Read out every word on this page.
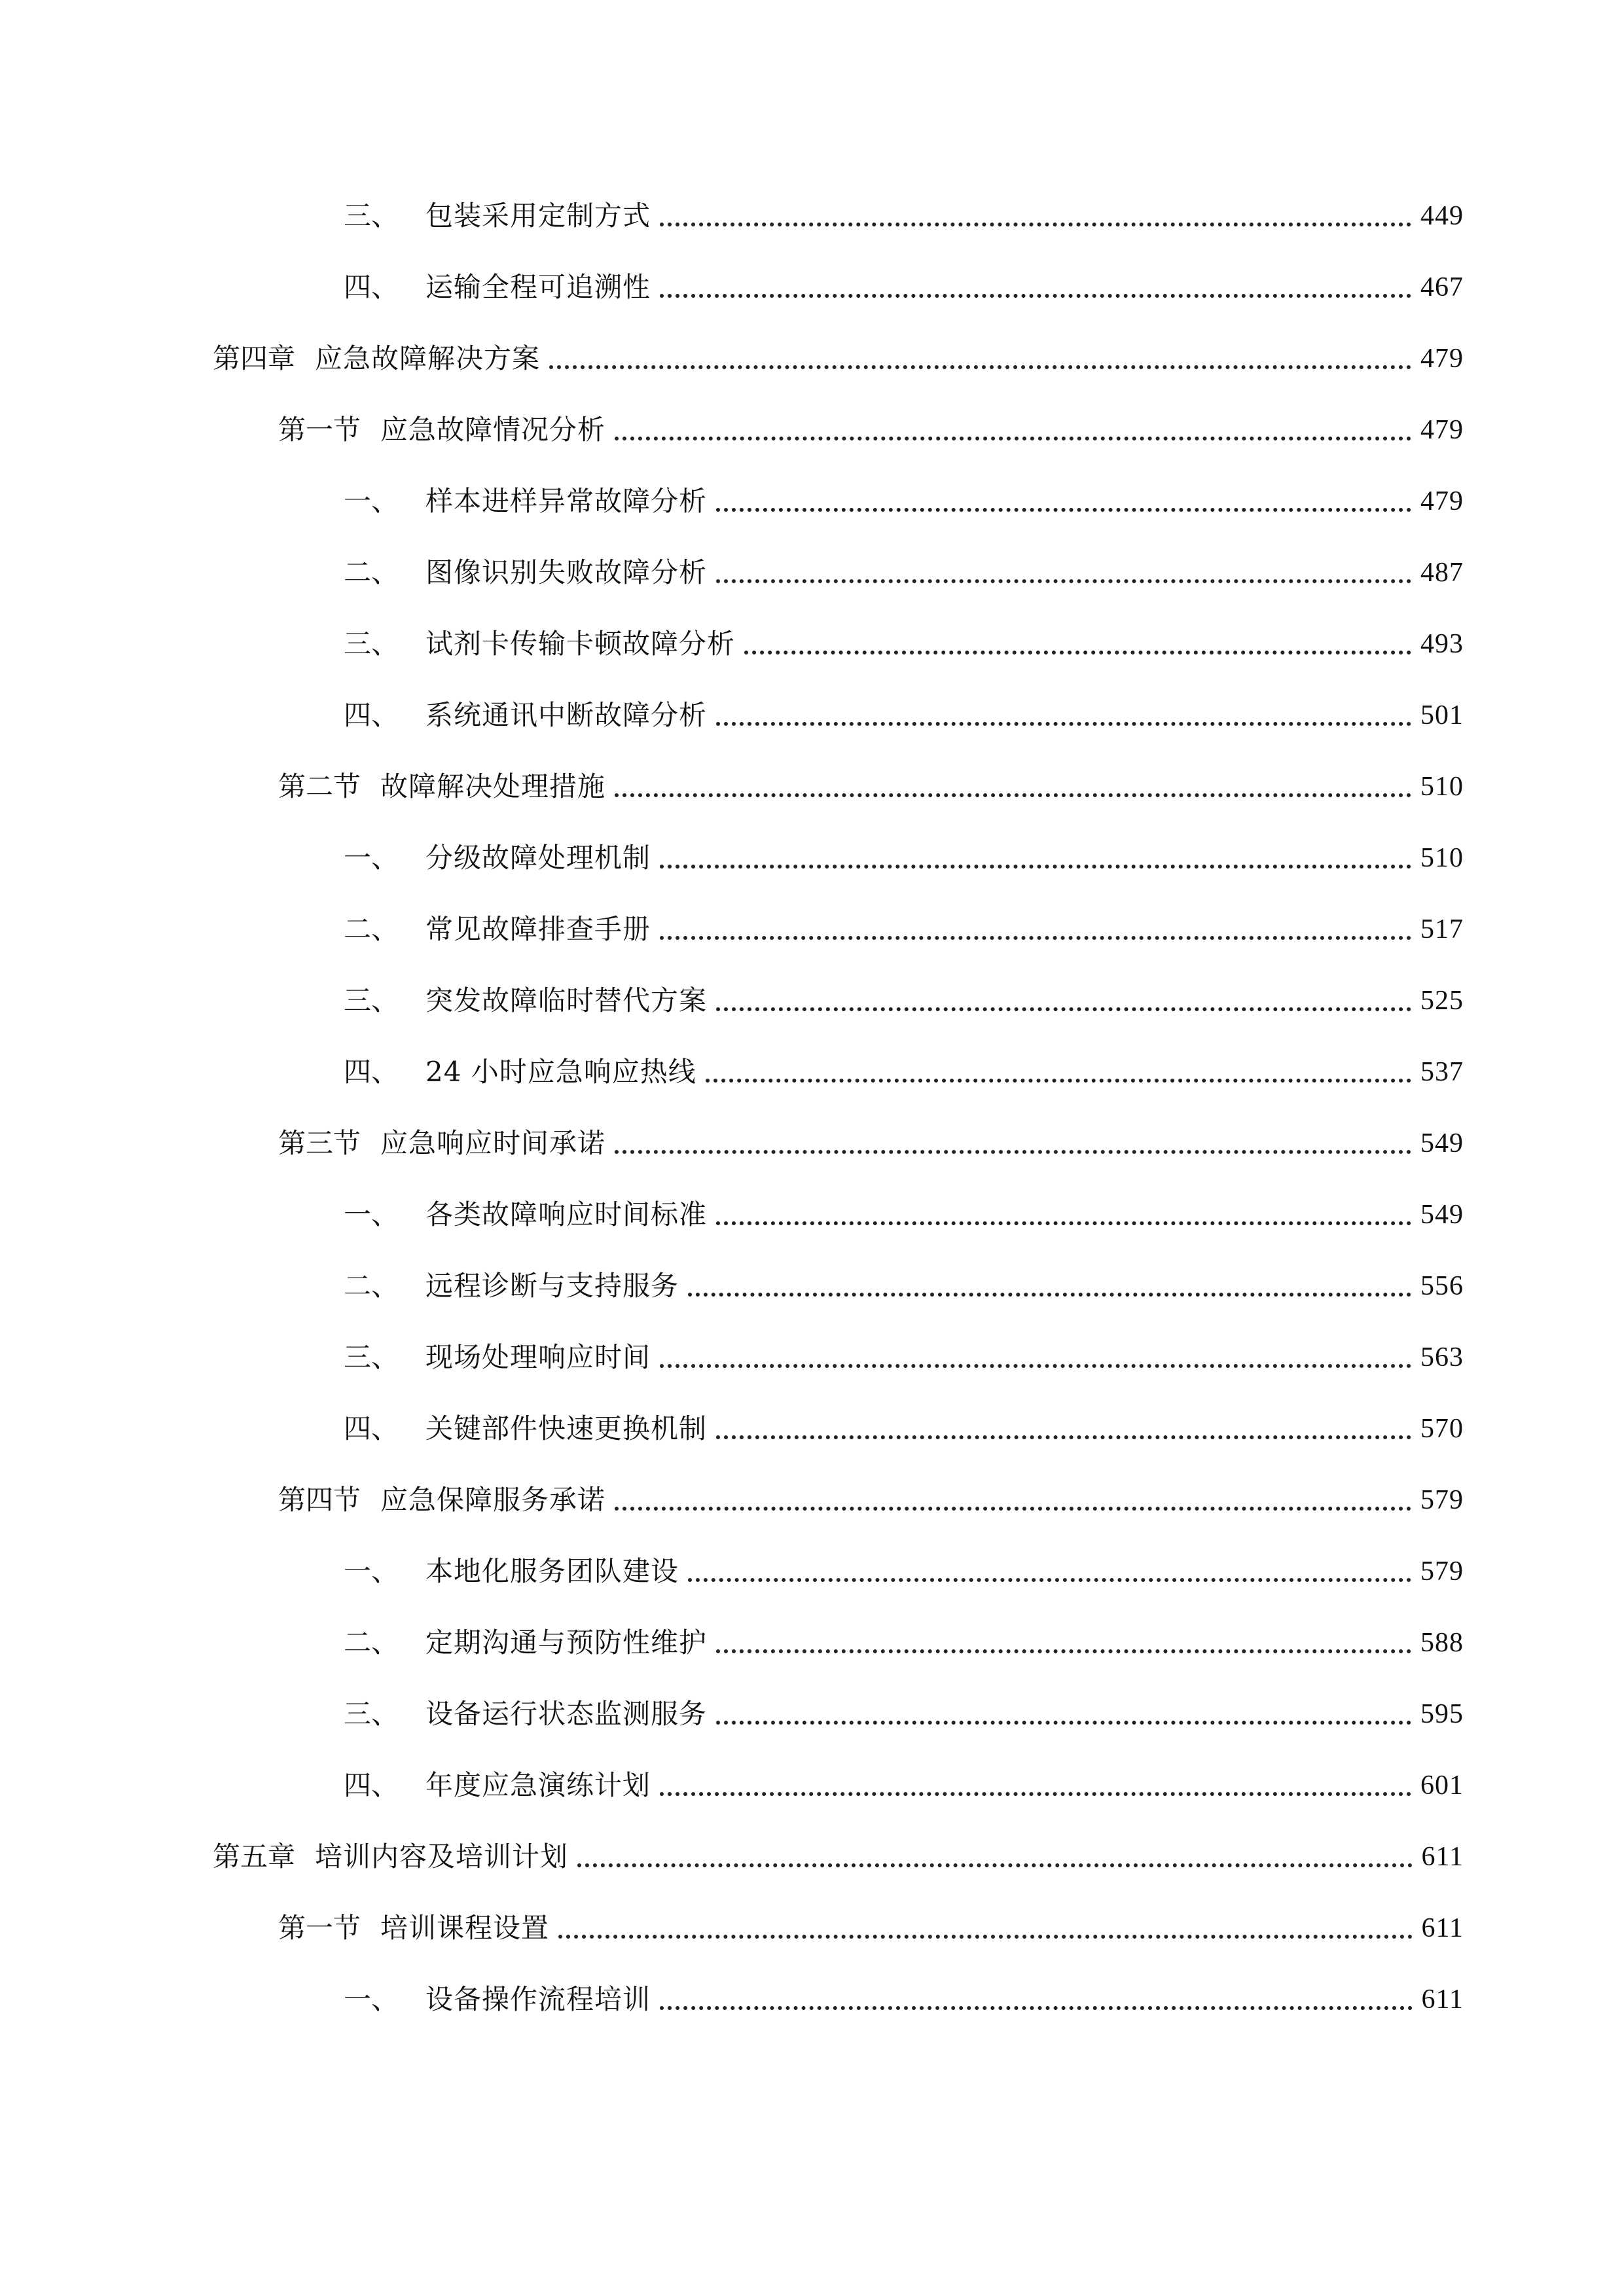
三、 包装采用定制方式	449
四、 运输全程可追溯性	467
第四章 应急故障解决方案	479
第一节 应急故障情况分析	479
一、 样本进样异常故障分析	479
二、 图像识别失败故障分析	487
三、 试剂卡传输卡顿故障分析	493
四、 系统通讯中断故障分析	501
第二节 故障解决处理措施	510
一、 分级故障处理机制	510
二、 常见故障排查手册	517
三、 突发故障临时替代方案	525
四、 24 小时应急响应热线	537
第三节 应急响应时间承诺	549
一、 各类故障响应时间标准	549
二、 远程诊断与支持服务	556
三、 现场处理响应时间	563
四、 关键部件快速更换机制	570
第四节 应急保障服务承诺	579
一、 本地化服务团队建设	579
二、 定期沟通与预防性维护	588
三、 设备运行状态监测服务	595
四、 年度应急演练计划	601
第五章 培训内容及培训计划	611
第一节 培训课程设置	611
一、 设备操作流程培训	611
